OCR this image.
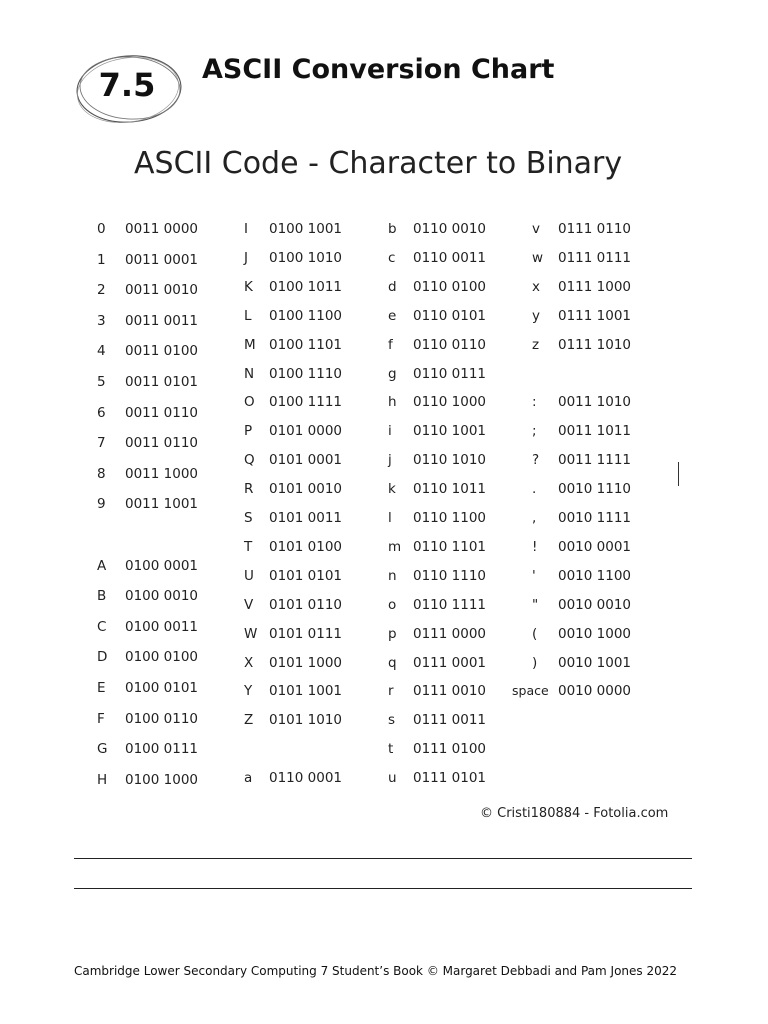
7.5	ASCII Conversion Chart
ASCII Code - Character to Binary
0 0011 0000
1 0011 0001
2 0011 0010
3 0011 0011
4 0011 0100
5 0011 0101
6 0011 0110
7 0011 0110
8 0011 1000
9 0011 1001
A 0100 0001
B 0100 0010
C 0100 0011
D 0100 0100
E 0100 0101
F 0100 0110
G 0100 0111
H 0100 1000
I 0100 1001
J 0100 1010
K 0100 1011
L 0100 1100
M 0100 1101
N 0100 1110
O 0100 1111
P 0101 0000
Q 0101 0001
R 0101 0010
S 0101 0011
T 0101 0100
U 0101 0101
V 0101 0110
W 0101 0111
X 0101 1000
Y 0101 1001
Z 0101 1010
a 0110 0001
b 0110 0010
c 0110 0011
d 0110 0100
e 0110 0101
f 0110 0110
g 0110 0111
h 0110 1000
i 0110 1001
j 0110 1010
k 0110 1011
l 0110 1100
m 0110 1101
n 0110 1110
o 0110 1111
p 0111 0000
q 0111 0001
r 0111 0010
s 0111 0011
t 0111 0100
u 0111 0101
v 0111 0110
w 0111 0111
x 0111 1000
y 0111 1001
z 0111 1010
: 0011 1010
; 0011 1011
? 0011 1111
. 0010 1110
, 0010 1111
! 0010 0001
' 0010 1100
" 0010 0010
( 0010 1000
) 0010 1001
space 0010 0000
© Cristi180884 - Fotolia.com
Cambridge Lower Secondary Computing 7 Student’s Book © Margaret Debbadi and Pam Jones 2022
